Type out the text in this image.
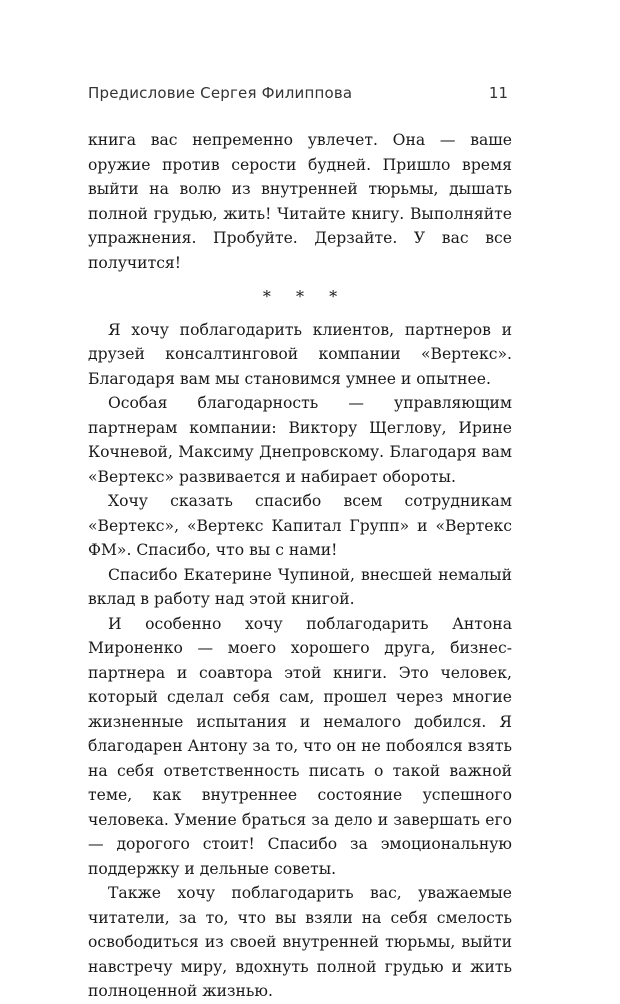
Предисловие Сергея Филиппова	11

книга вас непременно увлечет. Она — ваше оружие против серости будней. Пришло время выйти на волю из внутренней тюрьмы, дышать полной грудью, жить! Читайте книгу. Выполняйте упражнения. Пробуйте. Дерзайте. У вас все получится!

* * *

Я хочу поблагодарить клиентов, партнеров и друзей консалтинговой компании «Вертекс». Благодаря вам мы становимся умнее и опытнее.

Особая благодарность — управляющим партнерам компании: Виктору Щеглову, Ирине Кочневой, Максиму Днепровскому. Благодаря вам «Вертекс» развивается и набирает обороты.

Хочу сказать спасибо всем сотрудникам «Вертекс», «Вертекс Капитал Групп» и «Вертекс ФМ». Спасибо, что вы с нами!

Спасибо Екатерине Чупиной, внесшей немалый вклад в работу над этой книгой.

И особенно хочу поблагодарить Антона Мироненко — моего хорошего друга, бизнес-партнера и соавтора этой книги. Это человек, который сделал себя сам, прошел через многие жизненные испытания и немалого добился. Я благодарен Антону за то, что он не побоялся взять на себя ответственность писать о такой важной теме, как внутреннее состояние успешного человека. Умение браться за дело и завершать его — дорогого стоит! Спасибо за эмоциональную поддержку и дельные советы.

Также хочу поблагодарить вас, уважаемые читатели, за то, что вы взяли на себя смелость освободиться из своей внутренней тюрьмы, выйти навстречу миру, вдохнуть полной грудью и жить полноценной жизнью.
